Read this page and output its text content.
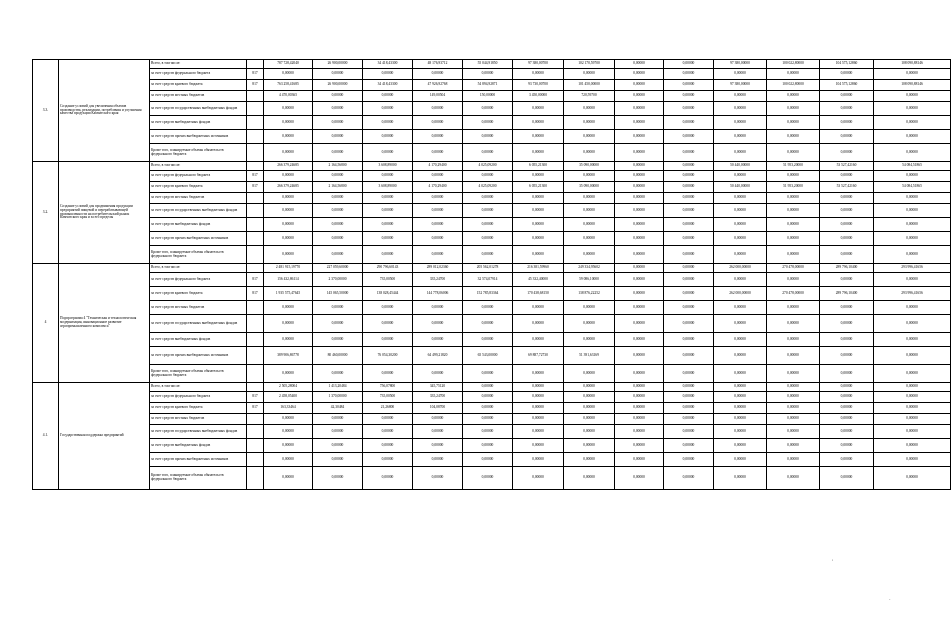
3.3.	Создание условий для увеличения объемов производства, реализации, потребления и улучшения качества продукции Камчатского края	Всего, в том числе:		787 728,42040	26 900,00000	34 418,43300	48 176,93712	55 044,91850	97 380,00700	102 170,59700	0,00000	0,00000	97 380,00000	100 022,80000	104 575,12860	108 090,88146
		за счет средств федерального бюджета	817	0,00000	0,00000	0,00000	0,00000	0,00000	0,00000	0,00000	0,00000	0,00000	0,00000	0,00000	0,00000	0,00000
		за счет средств краевого бюджета	817	763 258,41685	26 900,00000	34 418,43300	47 926,92768	54 894,92871	93 730,00700	101 450,00000	0,00000	0,00000	97 380,00000	100 022,80000	104 575,12860	108 090,88146
		за счет средств местных бюджетов		4 470,00365	0,00000	0,00000	149,00504	150,00000	3 450,00000	720,59700	0,00000	0,00000	0,00000	0,00000	0,00000	0,00000
		за счет средств государственных внебюджетных фондов		0,00000	0,00000	0,00000	0,00000	0,00000	0,00000	0,00000	0,00000	0,00000	0,00000	0,00000	0,00000	0,00000
		за счет средств внебюджетных фондов		0,00000	0,00000	0,00000	0,00000	0,00000	0,00000	0,00000	0,00000	0,00000	0,00000	0,00000	0,00000	0,00000
		за счет средств прочих внебюджетных источников		0,00000	0,00000	0,00000	0,00000	0,00000	0,00000	0,00000	0,00000	0,00000	0,00000	0,00000	0,00000	0,00000
		Кроме того, планируемые объемы обязательств федерального бюджета		0,00000	0,00000	0,00000	0,00000	0,00000	0,00000	0,00000	0,00000	0,00000	0,00000	0,00000	0,00000	0,00000
3.2.	Создание условий для продвижения продукции предприятий пищевой и перерабатывающей промышленности на потребительский рынок Камчатского края и за его пределы	Всего, в том числе:		266 379,24685	2 164,56800	3 608,89000	4 170,29400	4 025,09200	6 055,21300	35 090,00000	0,00000	0,00000	50 440,00000	51 953,20000	53 527,42160	54 084,51865
		за счет средств федерального бюджета	817	0,00000	0,00000	0,00000	0,00000	0,00000	0,00000	0,00000	0,00000	0,00000	0,00000	0,00000	0,00000	0,00000
		за счет средств краевого бюджета	817	266 379,24685	2 164,56800	3 608,89000	4 170,29400	4 025,09200	6 055,21300	35 090,00000	0,00000	0,00000	50 440,00000	51 953,20000	53 527,42160	54 084,51865
		за счет средств местных бюджетов		0,00000	0,00000	0,00000	0,00000	0,00000	0,00000	0,00000	0,00000	0,00000	0,00000	0,00000	0,00000	0,00000
		за счет средств государственных внебюджетных фондов		0,00000	0,00000	0,00000	0,00000	0,00000	0,00000	0,00000	0,00000	0,00000	0,00000	0,00000	0,00000	0,00000
		за счет средств внебюджетных фондов		0,00000	0,00000	0,00000	0,00000	0,00000	0,00000	0,00000	0,00000	0,00000	0,00000	0,00000	0,00000	0,00000
		за счет средств прочих внебюджетных источников		0,00000	0,00000	0,00000	0,00000	0,00000	0,00000	0,00000	0,00000	0,00000	0,00000	0,00000	0,00000	0,00000
		Кроме того, планируемые объемы обязательств федерального бюджета		0,00000	0,00000	0,00000	0,00000	0,00000	0,00000	0,00000	0,00000	0,00000	0,00000	0,00000	0,00000	0,00000
4	Подпрограмма 4 "Техническая и технологическая модернизация, инновационное развитие агропромышленного комплекса"	Всего, в том числе:		2 481 915,19770	227 059,60000	290 796,60143	289 012,02360	205 562,01278	216 381,59960	249 334,95602	0,00000	0,00000	262 000,00000	270 478,00000	289 796,10400	293 996,41656
		за счет средств федерального бюджета	817	156 432,86114	2 370,00000	735,00500	335,24700	32 574,07914	45 332,40000	59 086,10000	0,00000	0,00000	0,00000	0,00000	0,00000	0,00000
		за счет средств краевого бюджета	817	1 935 575,47645	145 065,50000	138 028,45444	144 778,06006	152 785,83364	170 438,68150	138 876,22252	0,00000	0,00000	262 000,00000	270 478,00000	289 796,10400	293 996,41656
		за счет средств местных бюджетов		0,00000	0,00000	0,00000	0,00000	0,00000	0,00000	0,00000	0,00000	0,00000	0,00000	0,00000	0,00000	0,00000
		за счет средств государственных внебюджетных фондов		0,00000	0,00000	0,00000	0,00000	0,00000	0,00000	0,00000	0,00000	0,00000	0,00000	0,00000	0,00000	0,00000
		за счет средств внебюджетных фондов		0,00000	0,00000	0,00000	0,00000	0,00000	0,00000	0,00000	0,00000	0,00000	0,00000	0,00000	0,00000	0,00000
		за счет средств прочих внебюджетных источников		389 906,86778	80 460,00000	76 054,30200	64 499,21820	65 543,00000	69 887,72730	51 391,63169	0,00000	0,00000	0,00000	0,00000	0,00000	0,00000
		Кроме того, планируемые объемы обязательств федерального бюджета		0,00000	0,00000	0,00000	0,00000	0,00000	0,00000	0,00000	0,00000	0,00000	0,00000	0,00000	0,00000	0,00000
4.1.	Государственная поддержка предприятий	Всего, в том числе:		2 505,28004	1 413,20484	756,07800	345,75120	0,00000	0,00000	0,00000	0,00000	0,00000	0,00000	0,00000	0,00000	0,00000
		за счет средств федерального бюджета	817	2 458,05400	1 370,00000	735,00500	335,24700	0,00000	0,00000	0,00000	0,00000	0,00000	0,00000	0,00000	0,00000	0,00000
		за счет средств краевого бюджета	817	163,33464	42,30484	21,26800	104,08700	0,00000	0,00000	0,00000	0,00000	0,00000	0,00000	0,00000	0,00000	0,00000
		за счет средств местных бюджетов		0,00000	0,00000	0,00000	0,00000	0,00000	0,00000	0,00000	0,00000	0,00000	0,00000	0,00000	0,00000	0,00000
		за счет средств государственных внебюджетных фондов		0,00000	0,00000	0,00000	0,00000	0,00000	0,00000	0,00000	0,00000	0,00000	0,00000	0,00000	0,00000	0,00000
		за счет средств внебюджетных фондов		0,00000	0,00000	0,00000	0,00000	0,00000	0,00000	0,00000	0,00000	0,00000	0,00000	0,00000	0,00000	0,00000
		за счет средств прочих внебюджетных источников		0,00000	0,00000	0,00000	0,00000	0,00000	0,00000	0,00000	0,00000	0,00000	0,00000	0,00000	0,00000	0,00000
		Кроме того, планируемые объемы обязательств федерального бюджета		0,00000	0,00000	0,00000	0,00000	0,00000	0,00000	0,00000	0,00000	0,00000	0,00000	0,00000	0,00000	0,00000
'
.
